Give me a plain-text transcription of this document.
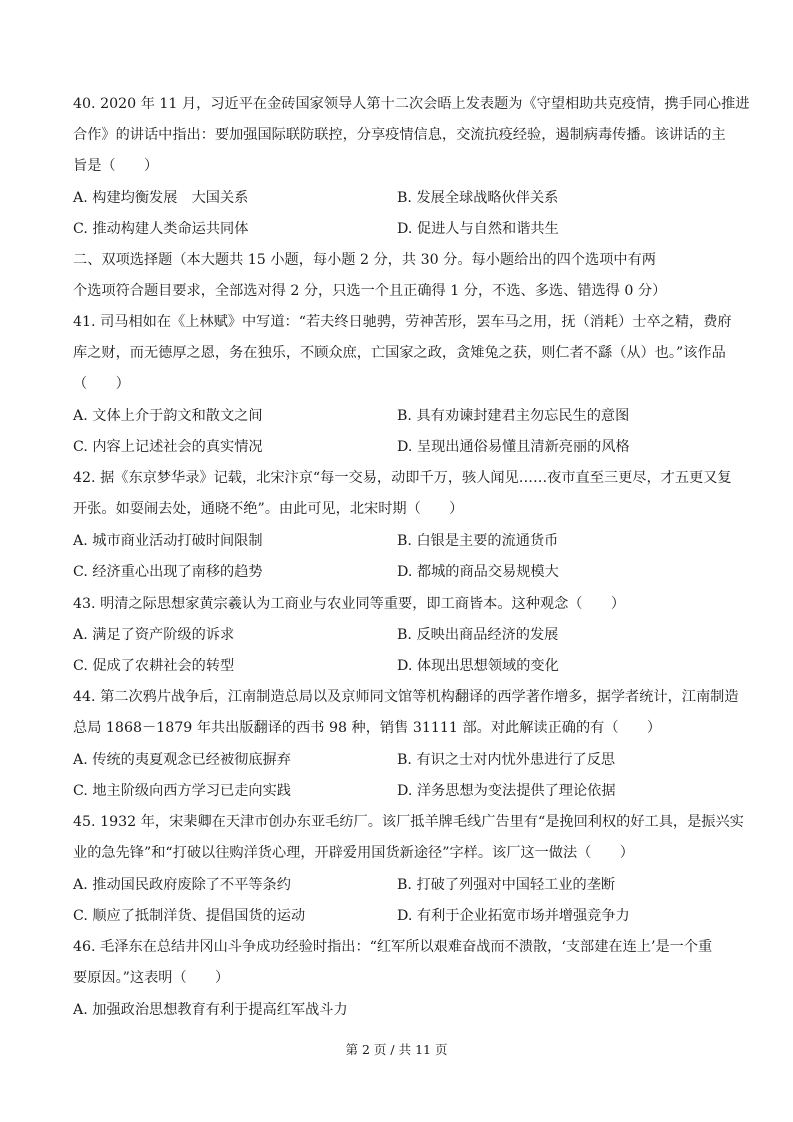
40. 2020 年 11 月，习近平在金砖国家领导人第十二次会晤上发表题为《守望相助共克疫情，携手同心推进
合作》的讲话中指出：要加强国际联防联控，分享疫情信息，交流抗疫经验，遏制病毒传播。该讲话的主
旨是（　　）
A. 构建均衡发展　大国关系	B. 发展全球战略伙伴关系
C. 推动构建人类命运共同体	D. 促进人与自然和谐共生
二、双项选择题（本大题共 15 小题，每小题 2 分，共 30 分。每小题给出的四个选项中有两
个选项符合题目要求，全部选对得 2 分，只选一个且正确得 1 分，不选、多选、错选得 0 分）
41. 司马相如在《上林赋》中写道：“若夫终日驰骋，劳神苦形，罢车马之用，抚（消耗）士卒之精，费府
库之财，而无德厚之恩，务在独乐，不顾众庶，亡国家之政，贪雉兔之获，则仁者不繇（从）也。”该作品
（　　）
A. 文体上介于韵文和散文之间	B. 具有劝谏封建君主勿忘民生的意图
C. 内容上记述社会的真实情况	D. 呈现出通俗易懂且清新亮丽的风格
42. 据《东京梦华录》记载，北宋汴京“每一交易，动即千万，骇人闻见……夜市直至三更尽，才五更又复
开张。如耍闹去处，通晓不绝”。由此可见，北宋时期（　　）
A. 城市商业活动打破时间限制	B. 白银是主要的流通货币
C. 经济重心出现了南移的趋势	D. 都城的商品交易规模大
43. 明清之际思想家黄宗羲认为工商业与农业同等重要，即工商皆本。这种观念（　　）
A. 满足了资产阶级的诉求	B. 反映出商品经济的发展
C. 促成了农耕社会的转型	D. 体现出思想领域的变化
44. 第二次鸦片战争后，江南制造总局以及京师同文馆等机构翻译的西学著作增多，据学者统计，江南制造
总局 1868－1879 年共出版翻译的西书 98 种，销售 31111 部。对此解读正确的有（　　）
A. 传统的夷夏观念已经被彻底摒弃	B. 有识之士对内忧外患进行了反思
C. 地主阶级向西方学习已走向实践	D. 洋务思想为变法提供了理论依据
45. 1932 年，宋棐卿在天津市创办东亚毛纺厂。该厂抵羊牌毛线广告里有“是挽回利权的好工具，是振兴实
业的急先锋”和“打破以往购洋货心理，开辟爱用国货新途径”字样。该厂这一做法（　　）
A. 推动国民政府废除了不平等条约	B. 打破了列强对中国轻工业的垄断
C. 顺应了抵制洋货、提倡国货的运动	D. 有利于企业拓宽市场并增强竞争力
46. 毛泽东在总结井冈山斗争成功经验时指出：“红军所以艰难奋战而不溃散，‘支部建在连上’是一个重
要原因。”这表明（　　）
A. 加强政治思想教育有利于提高红军战斗力
第 2 页 / 共 11 页
